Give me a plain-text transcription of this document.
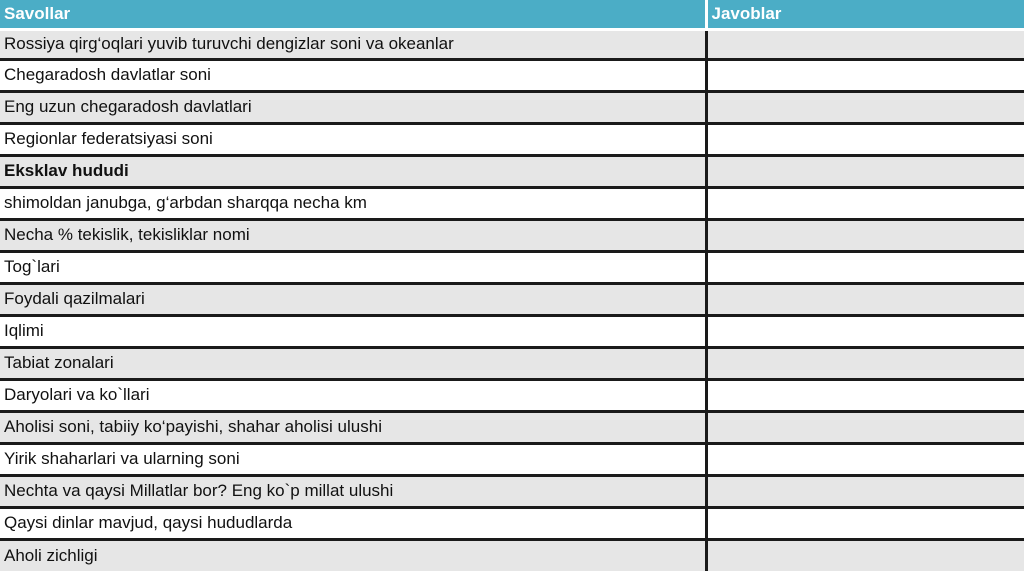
Savollar	Javoblar
Rossiya qirg‘oqlari yuvib turuvchi dengizlar soni va okeanlar	
Chegaradosh davlatlar soni	
Eng uzun chegaradosh davlatlari	
Regionlar federatsiyasi soni	
Eksklav hududi	
shimoldan janubga, g‘arbdan sharqqa necha km	
Necha % tekislik, tekisliklar nomi	
Tog`lari	
Foydali qazilmalari	
Iqlimi	
Tabiat zonalari	
Daryolari va ko`llari	
Aholisi soni, tabiiy ko‘payishi, shahar aholisi ulushi	
Yirik shaharlari va ularning soni	
Nechta va qaysi Millatlar bor? Eng ko`p millat ulushi	
Qaysi dinlar mavjud, qaysi hududlarda	
Aholi zichligi	
